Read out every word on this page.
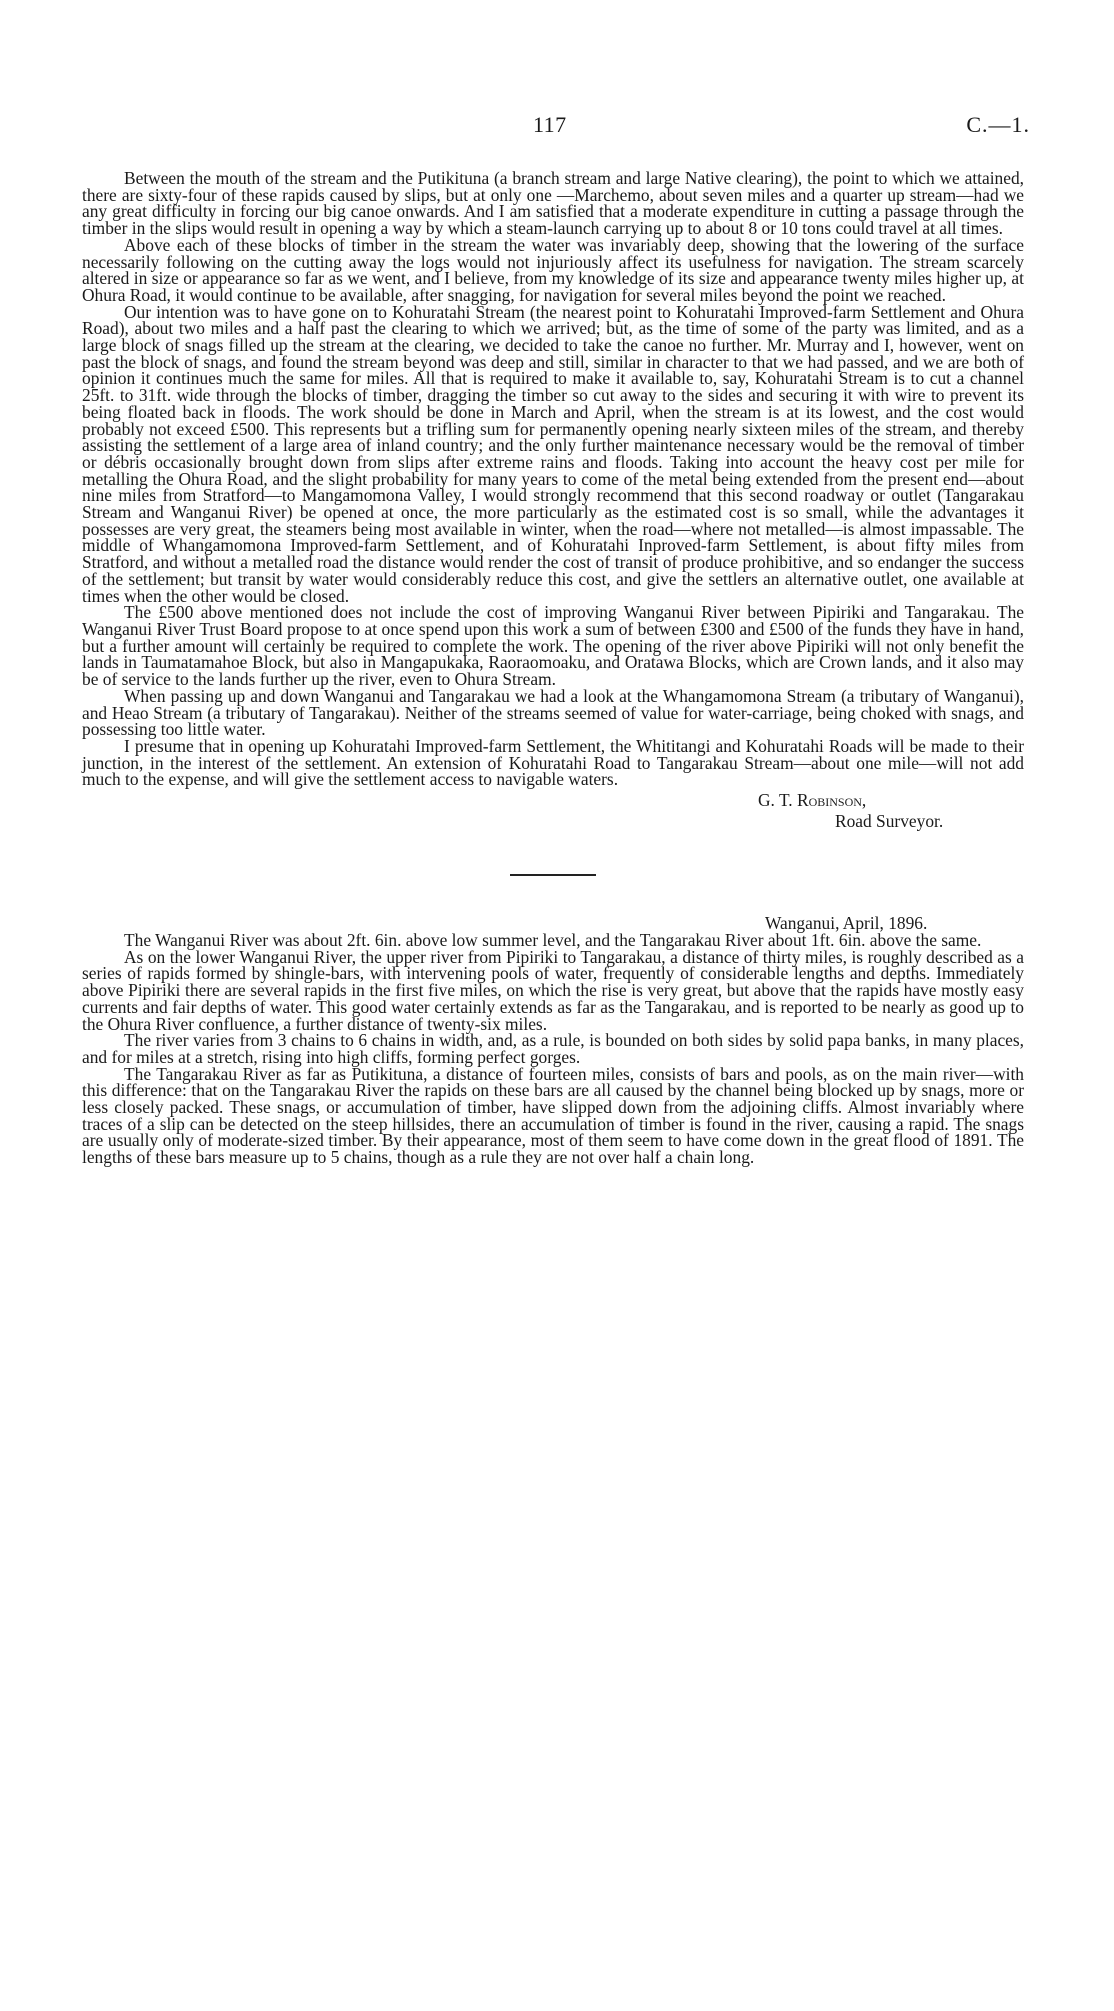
117	C.—1.

Between the mouth of the stream and the Putikituna (a branch stream and large Native clearing), the point to which we attained, there are sixty-four of these rapids caused by slips, but at only one —Marchemo, about seven miles and a quarter up stream—had we any great difficulty in forcing our big canoe onwards. And I am satisfied that a moderate expenditure in cutting a passage through the timber in the slips would result in opening a way by which a steam-launch carrying up to about 8 or 10 tons could travel at all times.

Above each of these blocks of timber in the stream the water was invariably deep, showing that the lowering of the surface necessarily following on the cutting away the logs would not injuriously affect its usefulness for navigation. The stream scarcely altered in size or appearance so far as we went, and I believe, from my knowledge of its size and appearance twenty miles higher up, at Ohura Road, it would continue to be available, after snagging, for navigation for several miles beyond the point we reached.

Our intention was to have gone on to Kohuratahi Stream (the nearest point to Kohuratahi Improved-farm Settlement and Ohura Road), about two miles and a half past the clearing to which we arrived; but, as the time of some of the party was limited, and as a large block of snags filled up the stream at the clearing, we decided to take the canoe no further. Mr. Murray and I, however, went on past the block of snags, and found the stream beyond was deep and still, similar in character to that we had passed, and we are both of opinion it continues much the same for miles. All that is required to make it available to, say, Kohuratahi Stream is to cut a channel 25ft. to 31ft. wide through the blocks of timber, dragging the timber so cut away to the sides and securing it with wire to prevent its being floated back in floods. The work should be done in March and April, when the stream is at its lowest, and the cost would probably not exceed £500. This represents but a trifling sum for permanently opening nearly sixteen miles of the stream, and thereby assisting the settlement of a large area of inland country; and the only further maintenance necessary would be the removal of timber or débris occasionally brought down from slips after extreme rains and floods. Taking into account the heavy cost per mile for metalling the Ohura Road, and the slight probability for many years to come of the metal being extended from the present end—about nine miles from Stratford—to Mangamomona Valley, I would strongly recommend that this second roadway or outlet (Tangarakau Stream and Wanganui River) be opened at once, the more particularly as the estimated cost is so small, while the advantages it possesses are very great, the steamers being most available in winter, when the road—where not metalled—is almost impassable. The middle of Whangamomona Improved-farm Settlement, and of Kohuratahi Inproved-farm Settlement, is about fifty miles from Stratford, and without a metalled road the distance would render the cost of transit of produce prohibitive, and so endanger the success of the settlement; but transit by water would considerably reduce this cost, and give the settlers an alternative outlet, one available at times when the other would be closed.

The £500 above mentioned does not include the cost of improving Wanganui River between Pipiriki and Tangarakau. The Wanganui River Trust Board propose to at once spend upon this work a sum of between £300 and £500 of the funds they have in hand, but a further amount will certainly be required to complete the work. The opening of the river above Pipiriki will not only benefit the lands in Taumatamahoe Block, but also in Mangapukaka, Raoraomoaku, and Oratawa Blocks, which are Crown lands, and it also may be of service to the lands further up the river, even to Ohura Stream.

When passing up and down Wanganui and Tangarakau we had a look at the Whangamomona Stream (a tributary of Wanganui), and Heao Stream (a tributary of Tangarakau). Neither of the streams seemed of value for water-carriage, being choked with snags, and possessing too little water.

I presume that in opening up Kohuratahi Improved-farm Settlement, the Whititangi and Kohuratahi Roads will be made to their junction, in the interest of the settlement. An extension of Kohuratahi Road to Tangarakau Stream—about one mile—will not add much to the expense, and will give the settlement access to navigable waters.

G. T. Robinson,
Road Surveyor.
Wanganui, April, 1896.

The Wanganui River was about 2ft. 6in. above low summer level, and the Tangarakau River about 1ft. 6in. above the same.

As on the lower Wanganui River, the upper river from Pipiriki to Tangarakau, a distance of thirty miles, is roughly described as a series of rapids formed by shingle-bars, with intervening pools of water, frequently of considerable lengths and depths. Immediately above Pipiriki there are several rapids in the first five miles, on which the rise is very great, but above that the rapids have mostly easy currents and fair depths of water. This good water certainly extends as far as the Tangarakau, and is reported to be nearly as good up to the Ohura River confluence, a further distance of twenty-six miles.

The river varies from 3 chains to 6 chains in width, and, as a rule, is bounded on both sides by solid papa banks, in many places, and for miles at a stretch, rising into high cliffs, forming perfect gorges.

The Tangarakau River as far as Putikituna, a distance of fourteen miles, consists of bars and pools, as on the main river—with this difference: that on the Tangarakau River the rapids on these bars are all caused by the channel being blocked up by snags, more or less closely packed. These snags, or accumulation of timber, have slipped down from the adjoining cliffs. Almost invariably where traces of a slip can be detected on the steep hillsides, there an accumulation of timber is found in the river, causing a rapid. The snags are usually only of moderate-sized timber. By their appearance, most of them seem to have come down in the great flood of 1891. The lengths of these bars measure up to 5 chains, though as a rule they are not over half a chain long.
